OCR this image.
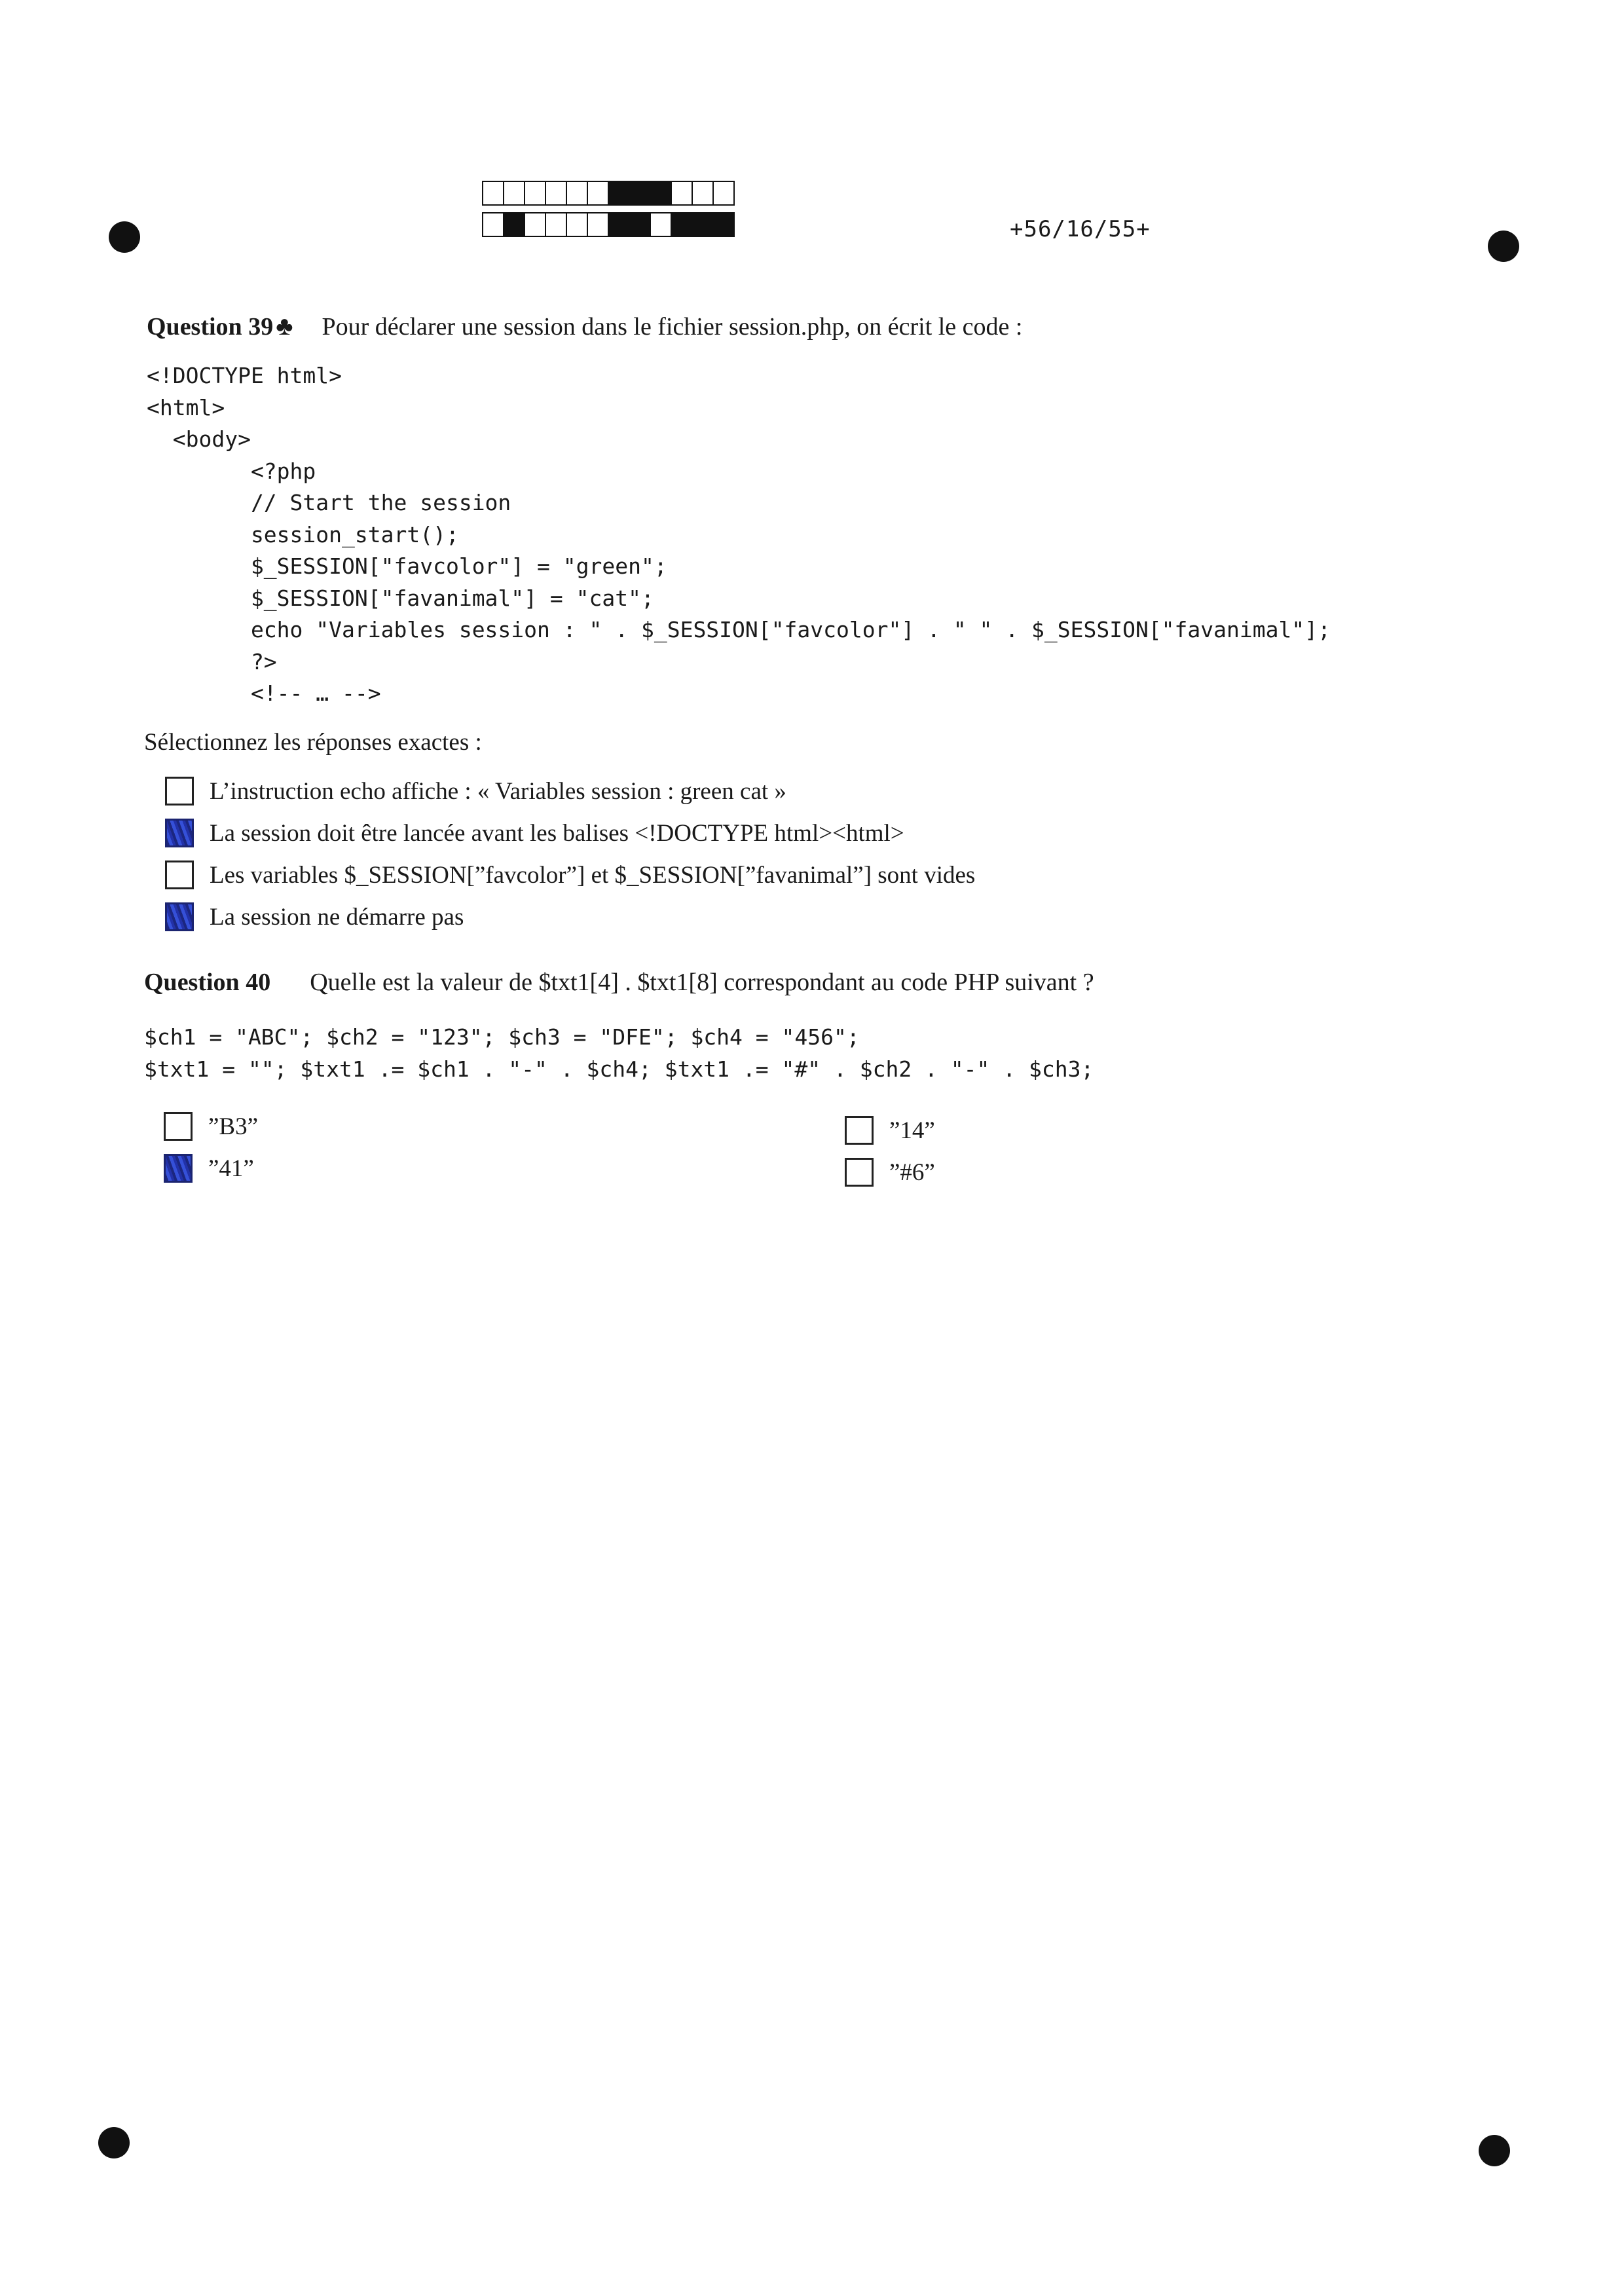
+56/16/55+
Question 39 ♣ Pour déclarer une session dans le fichier session.php, on écrit le code :
<!DOCTYPE html>
<html>
<body>
<?php
// Start the session
session_start();
$_SESSION["favcolor"] = "green";
$_SESSION["favanimal"] = "cat";
echo "Variables session : " . $_SESSION["favcolor"] . " " . $_SESSION["favanimal"];
?>
<!-- … -->
Sélectionnez les réponses exactes :
L’instruction echo affiche : « Variables session : green cat »
La session doit être lancée avant les balises <!DOCTYPE html><html>
Les variables $_SESSION[”favcolor”] et $_SESSION[”favanimal”] sont vides
La session ne démarre pas
Question 40 Quelle est la valeur de $txt1[4] . $txt1[8] correspondant au code PHP suivant ?
$ch1 = "ABC"; $ch2 = "123"; $ch3 = "DFE"; $ch4 = "456";
$txt1 = ""; $txt1 .= $ch1 . "-" . $ch4; $txt1 .= "#" . $ch2 . "-" . $ch3;
”B3”
”41”
”14”
”#6”
